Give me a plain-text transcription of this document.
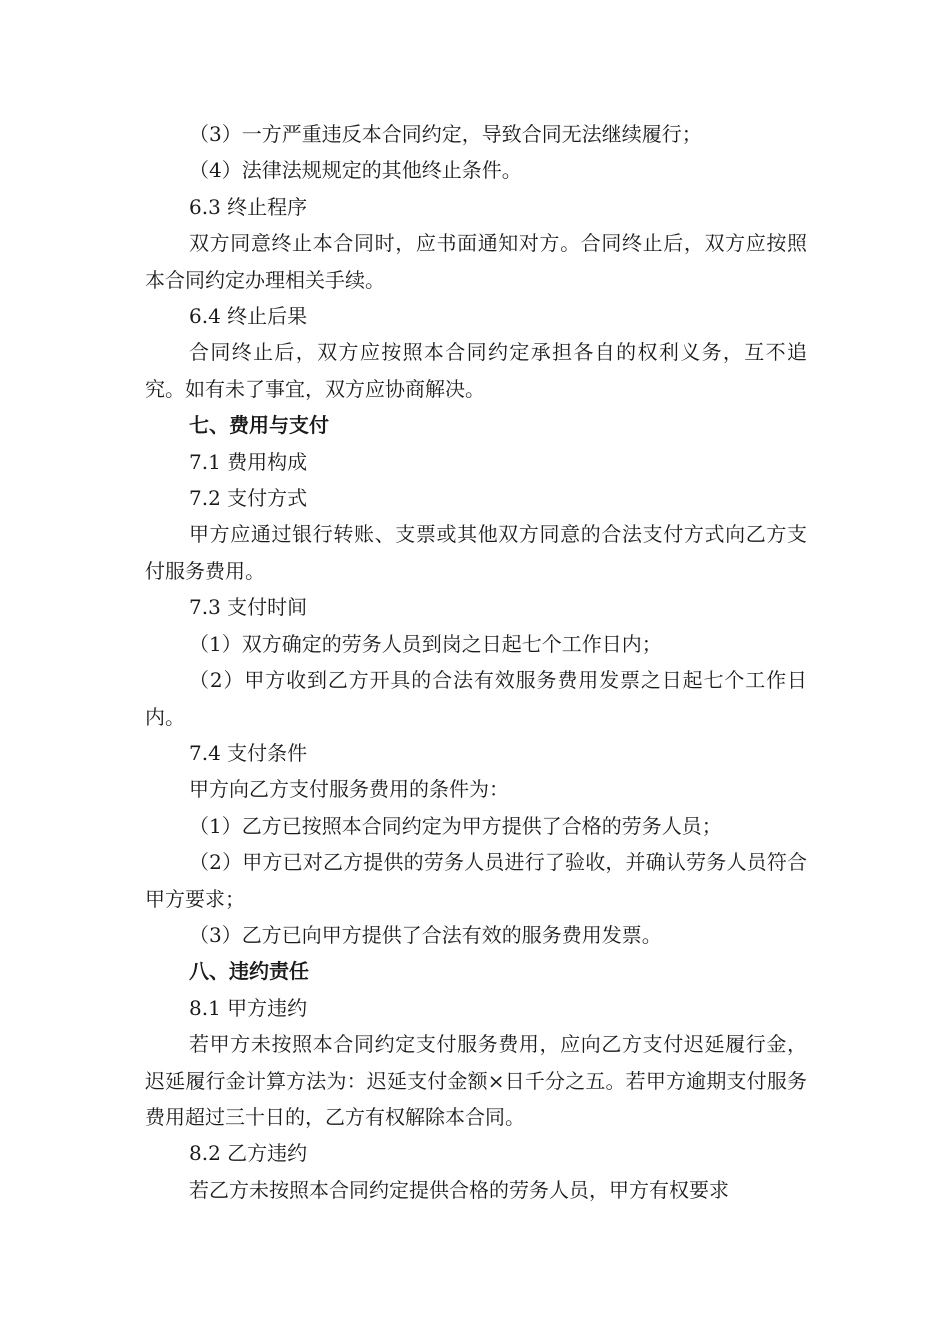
（3）一方严重违反本合同约定，导致合同无法继续履行；

（4）法律法规规定的其他终止条件。

6.3 终止程序

双方同意终止本合同时，应书面通知对方。合同终止后，双方应按照本合同约定办理相关手续。

6.4 终止后果

合同终止后，双方应按照本合同约定承担各自的权利义务，互不追究。如有未了事宜，双方应协商解决。

七、费用与支付

7.1 费用构成

7.2 支付方式

甲方应通过银行转账、支票或其他双方同意的合法支付方式向乙方支付服务费用。

7.3 支付时间

（1）双方确定的劳务人员到岗之日起七个工作日内；

（2）甲方收到乙方开具的合法有效服务费用发票之日起七个工作日内。

7.4 支付条件

甲方向乙方支付服务费用的条件为：

（1）乙方已按照本合同约定为甲方提供了合格的劳务人员；

（2）甲方已对乙方提供的劳务人员进行了验收，并确认劳务人员符合甲方要求；

（3）乙方已向甲方提供了合法有效的服务费用发票。

八、违约责任

8.1 甲方违约

若甲方未按照本合同约定支付服务费用，应向乙方支付迟延履行金，迟延履行金计算方法为：迟延支付金额×日千分之五。若甲方逾期支付服务费用超过三十日的，乙方有权解除本合同。

8.2 乙方违约

若乙方未按照本合同约定提供合格的劳务人员，甲方有权要求
